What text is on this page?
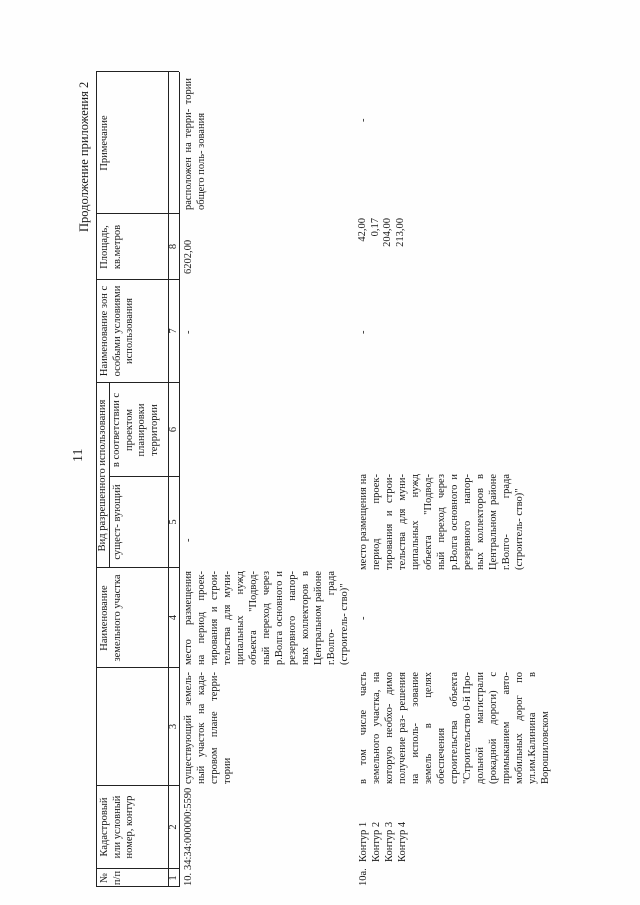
11
Продолжение приложения 2
№ п/п
Кадастровый или условный номер, контур
Наименование земельного участка
Вид разрешенного использования сущест- вующий
в соответствии с проектом планировки территории
Наименование зон с особыми условиями использования
Площадь, кв.метров
Примечание
1
2
3
4
5
6
7
8
10.
34:34:000000:5590
существующий земель- ный участок на када- стровом плане терри- тории
место размещения на период проек- тирования и строи- тельства для муни- ципальных нужд объекта "Подвод- ный переход через р.Волга основного и резервного напор- ных коллекторов в Центральном районе г.Волго- града (строитель- ство)"
-
-
6202,00
расположен на терри- тории общего поль- зования
10а.
Контур 1 Контур 2 Контур 3 Контур 4
в том числе часть земельного участка, на которую необхо- димо получение раз- решения на исполь- зование земель в целях обеспечения строительства объекта "Строительство 0-й Про- дольной магистрали (рокадной дороги) с примыканием авто- мобильных дорог по ул.им.Калинина в Ворошиловском
-
место размещения на период проек- тирования и строи- тельства для муни- ципальных нужд объекта "Подвод- ный переход через р.Волга основного и резервного напор- ных коллекторов в Центральном районе г.Волго- града (строитель- ство)"
-
42,00 0,17 204,00 213,00
-
